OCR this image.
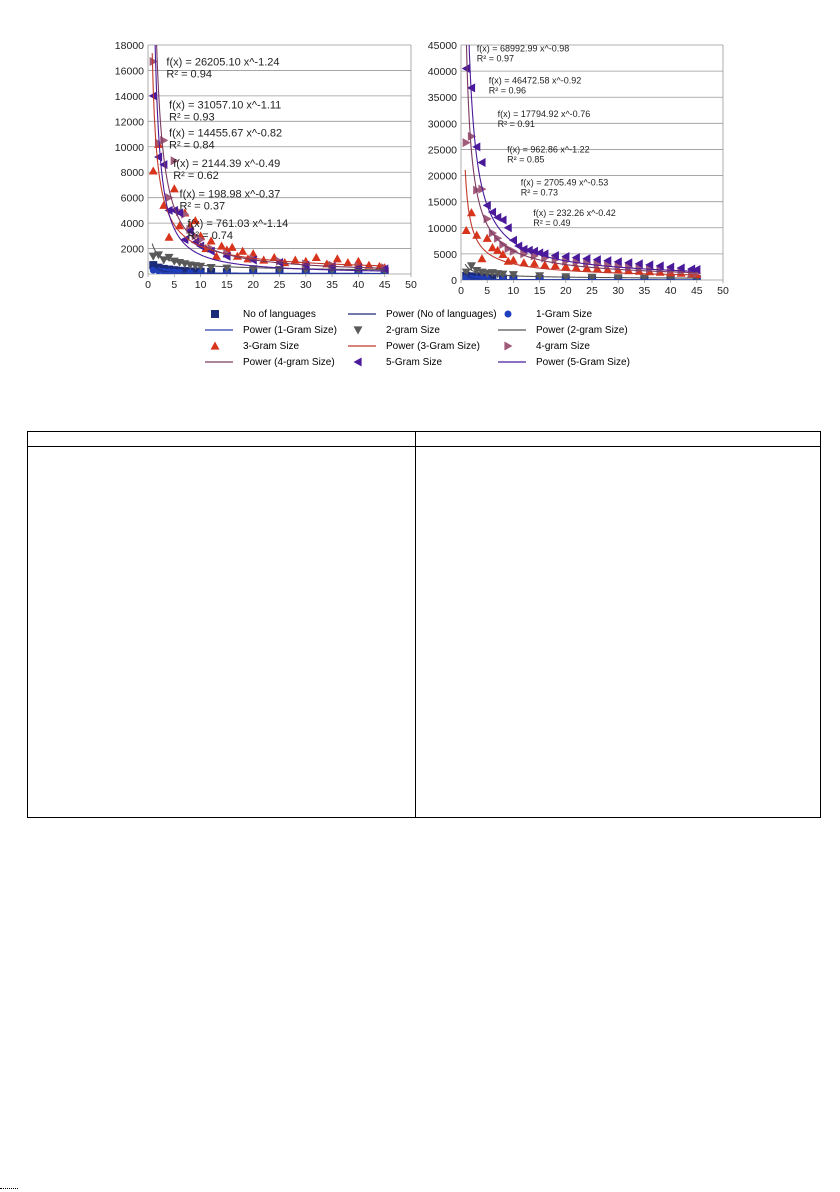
0
2000
4000
6000
8000
10000
12000
14000
16000
18000
0 5 10 15 20 25 30 35 40 45 50
f(x) = 26205.10 x^-1.24
R² = 0.94
f(x) = 31057.10 x^-1.11
R² = 0.93
f(x) = 14455.67 x^-0.82
R² = 0.84
f(x) = 2144.39 x^-0.49
R² = 0.62
f(x) = 198.98 x^-0.37
R² = 0.37
f(x) = 761.03 x^-1.14
R² = 0.74
0
5000
10000
15000
20000
25000
30000
35000
40000
45000
0 5 10 15 20 25 30 35 40 45 50
f(x) = 68992.99 x^-0.98
R² = 0.97
f(x) = 46472.58 x^-0.92
R² = 0.96
f(x) = 17794.92 x^-0.76
R² = 0.91
f(x) = 962.86 x^-1.22
R² = 0.85
f(x) = 2705.49 x^-0.53
R² = 0.73
f(x) = 232.26 x^-0.42
R² = 0.49
No of languages	Power (No of languages)	1-Gram Size
Power (1-Gram Size)	2-gram Size	Power (2-gram Size)
3-Gram Size	Power (3-Gram Size)	4-gram Size
Power (4-gram Size)	5-Gram Size	Power (5-Gram Size)
